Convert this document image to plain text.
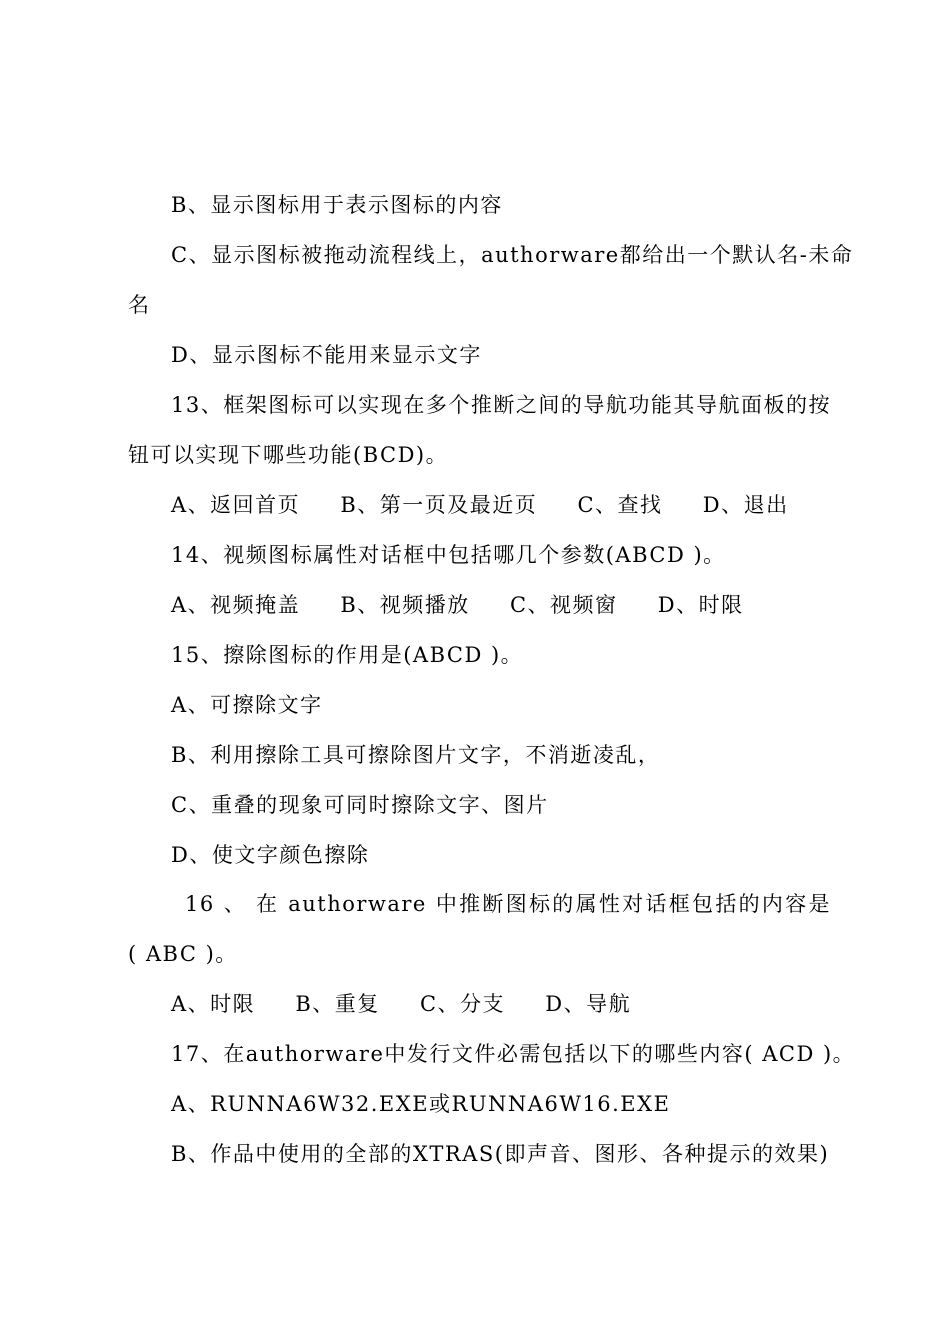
B、显示图标用于表示图标的内容
C、显示图标被拖动流程线上，authorware都给出一个默认名-未命
名
D、显示图标不能用来显示文字
13、框架图标可以实现在多个推断之间的导航功能其导航面板的按
钮可以实现下哪些功能(BCD)。
A、返回首页 B、第一页及最近页 C、查找 D、退出
14、视频图标属性对话框中包括哪几个参数(ABCD )。
A、视频掩盖 B、视频播放 C、视频窗 D、时限
15、擦除图标的作用是(ABCD )。
A、可擦除文字
B、利用擦除工具可擦除图片文字，不消逝凌乱，
C、重叠的现象可同时擦除文字、图片
D、使文字颜色擦除
16 、 在 authorware 中推断图标的属性对话框包括的内容是
( ABC )。
A、时限 B、重复 C、分支 D、导航
17、在authorware中发行文件必需包括以下的哪些内容( ACD )。
A、RUNNA6W32.EXE或RUNNA6W16.EXE
B、作品中使用的全部的XTRAS(即声音、图形、各种提示的效果)
